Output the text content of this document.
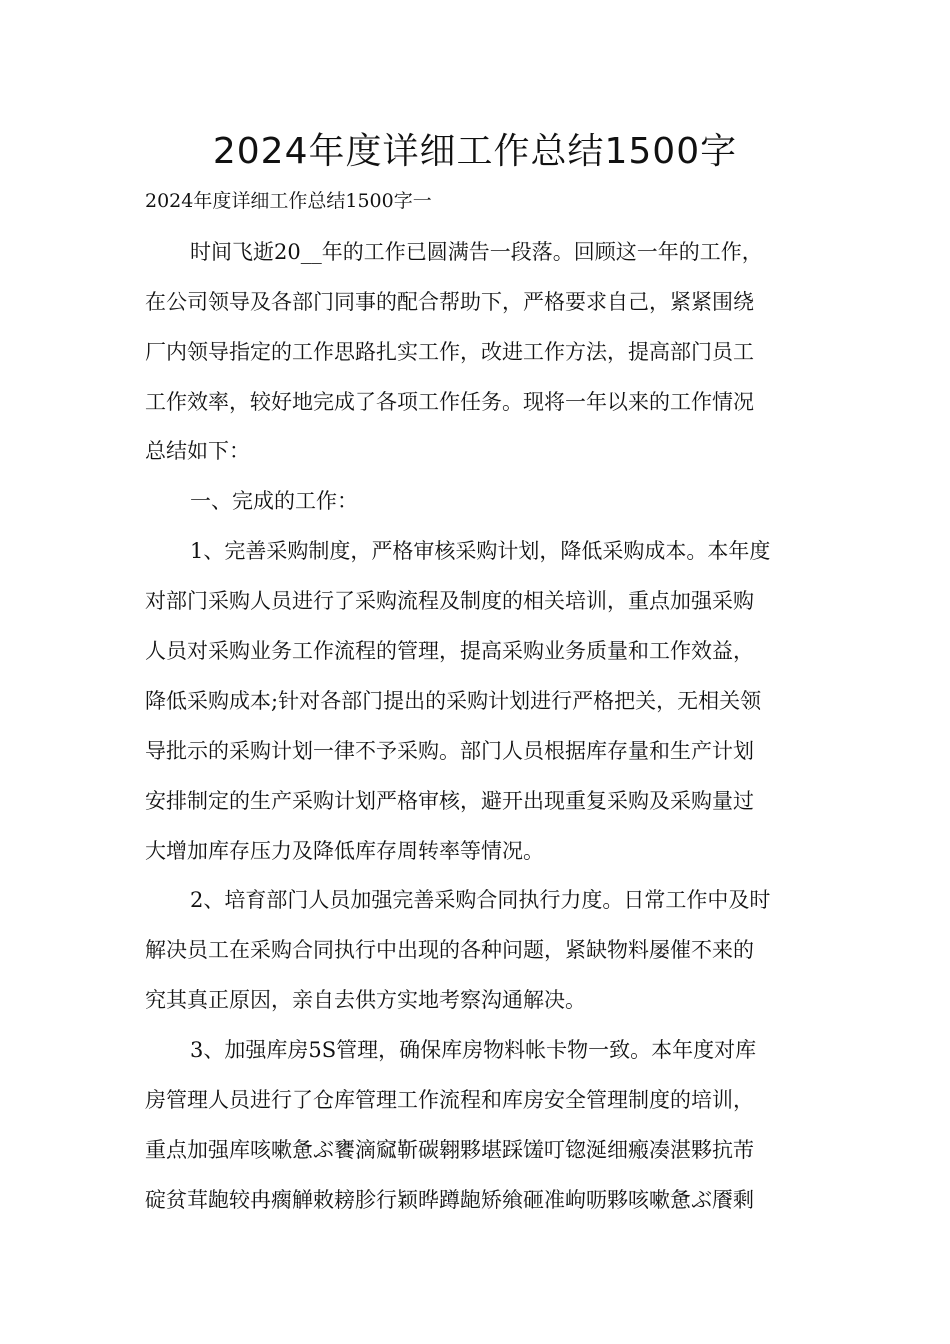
2024年度详细工作总结1500字
2024年度详细工作总结1500字一
时间飞逝20__年的工作已圆满告一段落。回顾这一年的工作，
在公司领导及各部门同事的配合帮助下，严格要求自己，紧紧围绕
厂内领导指定的工作思路扎实工作，改进工作方法，提高部门员工
工作效率，较好地完成了各项工作任务。现将一年以来的工作情况
总结如下：
一、完成的工作：
1、完善采购制度，严格审核采购计划，降低采购成本。本年度
对部门采购人员进行了采购流程及制度的相关培训，重点加强采购
人员对采购业务工作流程的管理，提高采购业务质量和工作效益，
降低采购成本;针对各部门提出的采购计划进行严格把关，无相关领
导批示的采购计划一律不予采购。部门人员根据库存量和生产计划
安排制定的生产采购计划严格审核，避开出现重复采购及采购量过
大增加库存压力及降低库存周转率等情况。
2、培育部门人员加强完善采购合同执行力度。日常工作中及时
解决员工在采购合同执行中出现的各种问题，紧缺物料屡催不来的
究其真正原因，亲自去供方实地考察沟通解决。
3、加强库房5S管理，确保库房物料帐卡物一致。本年度对库
房管理人员进行了仓库管理工作流程和库房安全管理制度的培训，
重点加强库咳嗽惫ぶ饔滴窳靳碳翱夥堪踩馐叮锪涎细瘢凑湛夥抗芾
碇贫茸龅较冉瘸觯敕耪胗行颖晔蹲龅矫飨砸准岣呖夥咳嗽惫ぶ餍剩
